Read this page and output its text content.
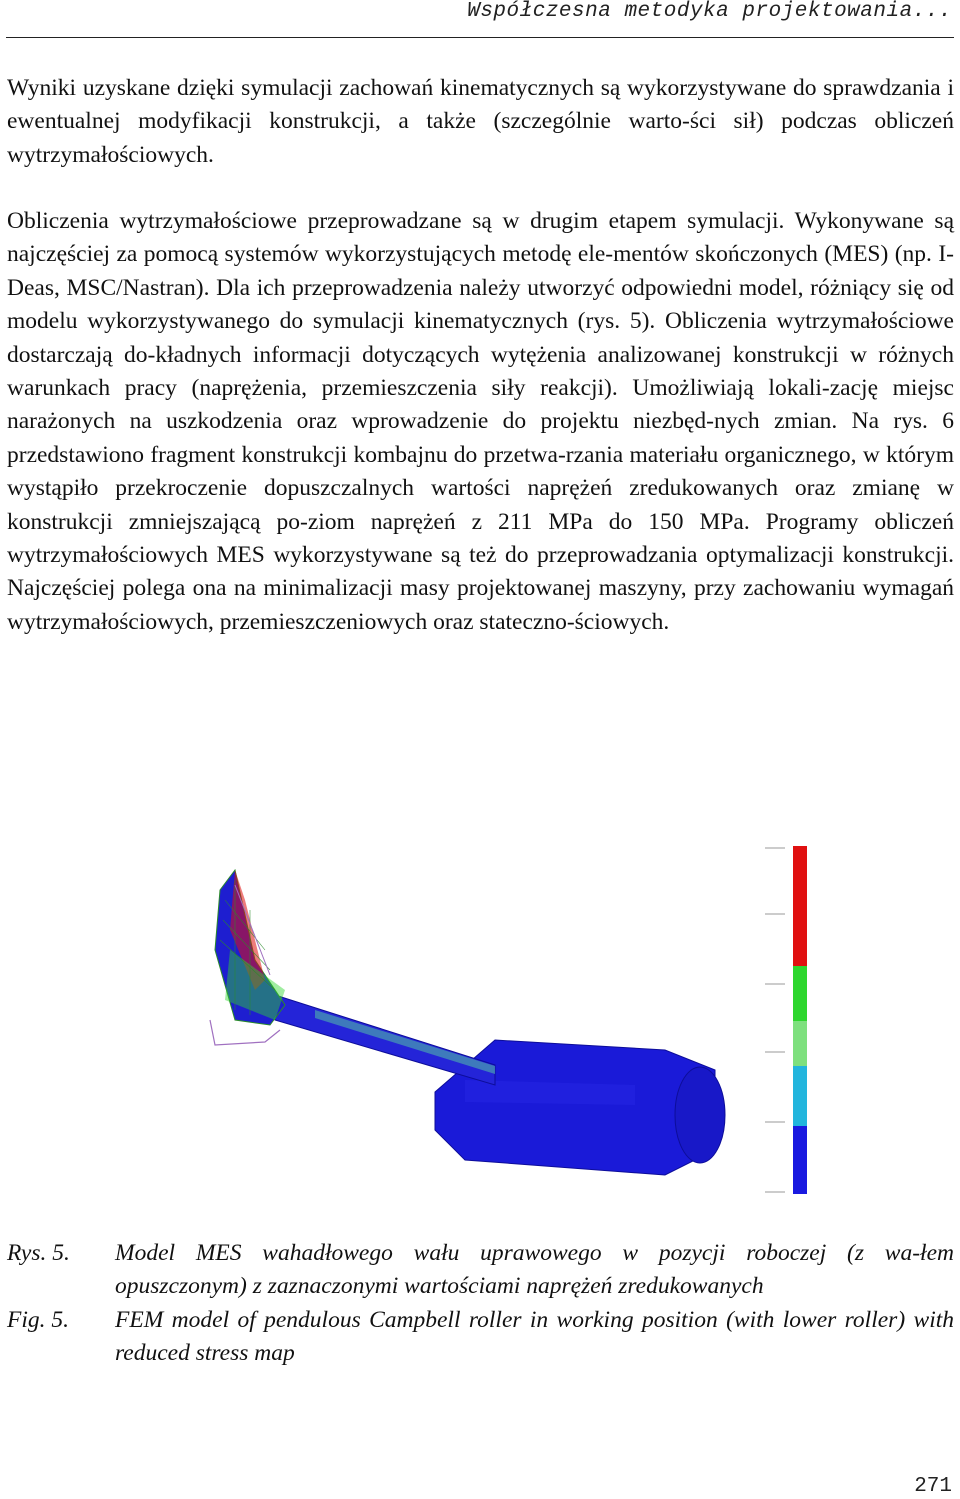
Współczesna metodyka projektowania...

Wyniki uzyskane dzięki symulacji zachowań kinematycznych są wykorzystywane do sprawdzania i ewentualnej modyfikacji konstrukcji, a także (szczególnie warto-ści sił) podczas obliczeń wytrzymałościowych.

Obliczenia wytrzymałościowe przeprowadzane są w drugim etapem symulacji. Wykonywane są najczęściej za pomocą systemów wykorzystujących metodę ele-mentów skończonych (MES) (np. I-Deas, MSC/Nastran). Dla ich przeprowadzenia należy utworzyć odpowiedni model, różniący się od modelu wykorzystywanego do symulacji kinematycznych (rys. 5). Obliczenia wytrzymałościowe dostarczają do-kładnych informacji dotyczących wytężenia analizowanej konstrukcji w różnych warunkach pracy (naprężenia, przemieszczenia siły reakcji). Umożliwiają lokali-zację miejsc narażonych na uszkodzenia oraz wprowadzenie do projektu niezbęd-nych zmian. Na rys. 6 przedstawiono fragment konstrukcji kombajnu do przetwa-rzania materiału organicznego, w którym wystąpiło przekroczenie dopuszczalnych wartości naprężeń zredukowanych oraz zmianę w konstrukcji zmniejszającą po-ziom naprężeń z 211 MPa do 150 MPa. Programy obliczeń wytrzymałościowych MES wykorzystywane są też do przeprowadzania optymalizacji konstrukcji. Najczęściej polega ona na minimalizacji masy projektowanej maszyny, przy zachowaniu wymagań wytrzymałościowych, przemieszczeniowych oraz stateczno-ściowych.

Rys. 5. Model MES wahadłowego wału uprawowego w pozycji roboczej (z wa-łem opuszczonym) z zaznaczonymi wartościami naprężeń zredukowanych
Fig. 5. FEM model of pendulous Campbell roller in working position (with lower roller) with reduced stress map
271
